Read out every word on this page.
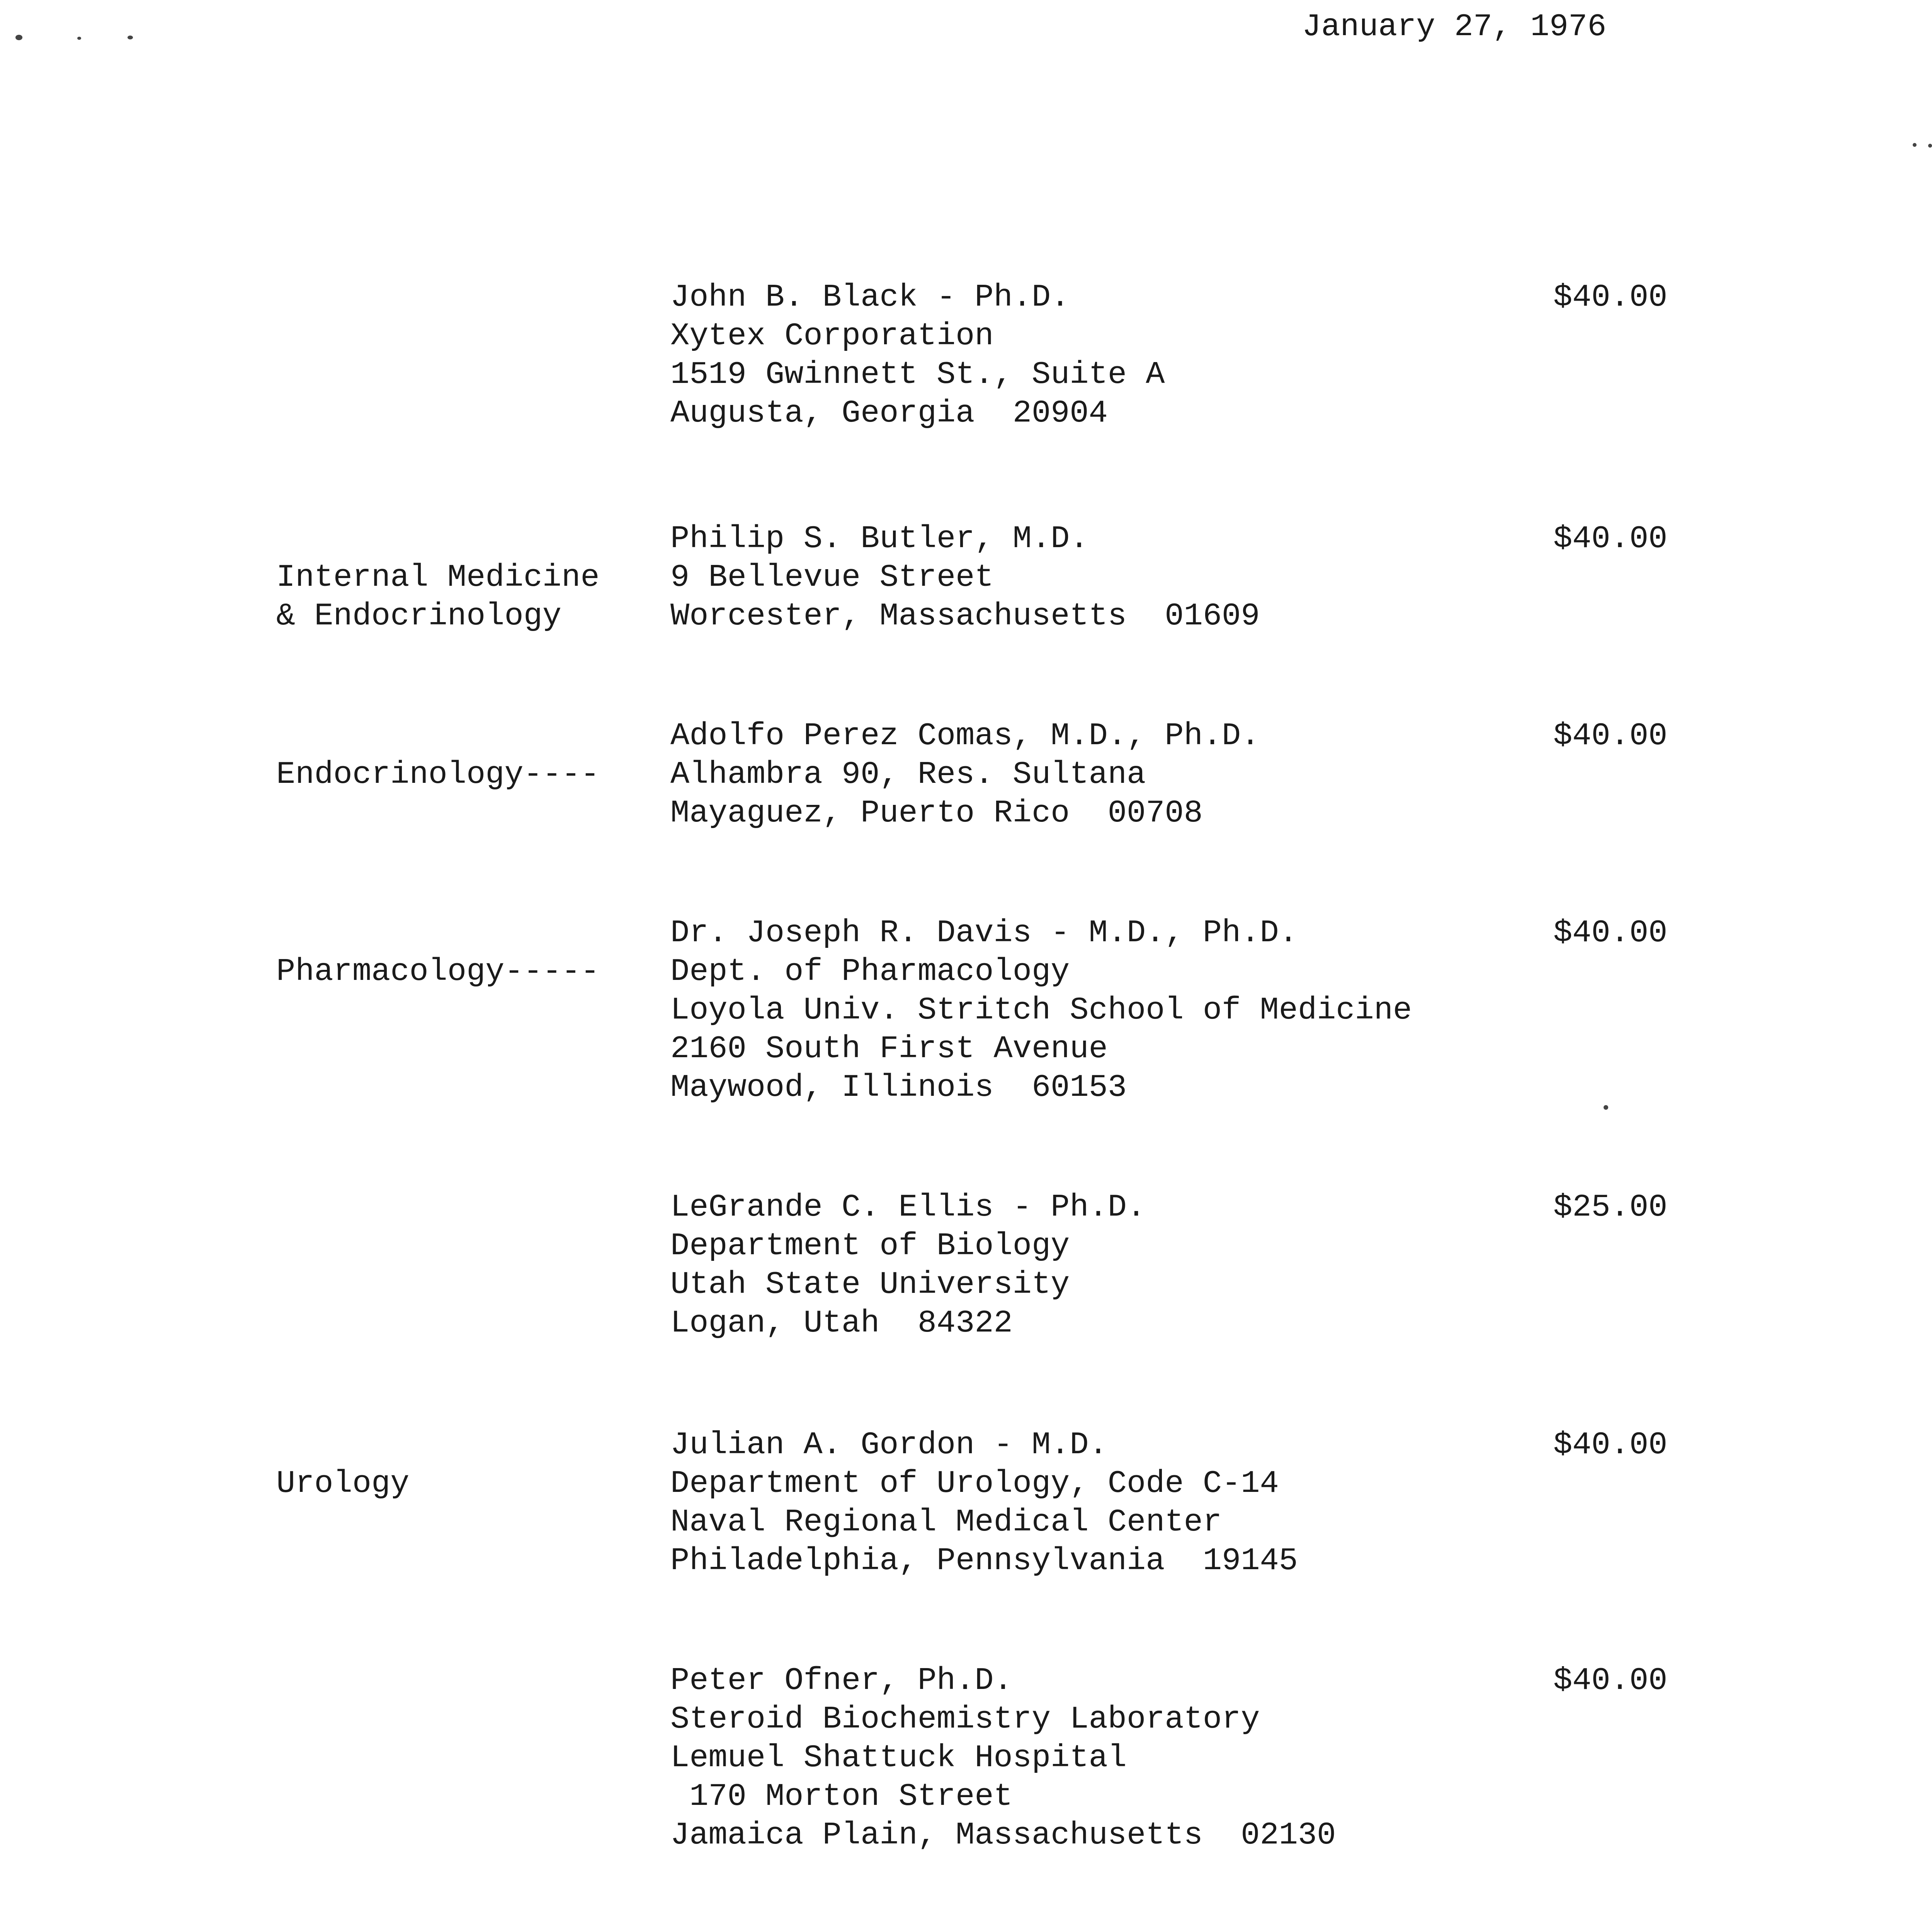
January 27, 1976
John B. Black - Ph.D.
Xytex Corporation
1519 Gwinnett St., Suite A
Augusta, Georgia  20904
$40.00
Internal Medicine
& Endocrinology
Philip S. Butler, M.D.
9 Bellevue Street
Worcester, Massachusetts  01609
$40.00
Endocrinology----
Adolfo Perez Comas, M.D., Ph.D.
Alhambra 90, Res. Sultana
Mayaguez, Puerto Rico  00708
$40.00
Pharmacology-----
Dr. Joseph R. Davis - M.D., Ph.D.
Dept. of Pharmacology
Loyola Univ. Stritch School of Medicine
2160 South First Avenue
Maywood, Illinois  60153
$40.00
LeGrande C. Ellis - Ph.D.
Department of Biology
Utah State University
Logan, Utah  84322
$25.00
Urology
Julian A. Gordon - M.D.
Department of Urology, Code C-14
Naval Regional Medical Center
Philadelphia, Pennsylvania  19145
$40.00
Peter Ofner, Ph.D.
Steroid Biochemistry Laboratory
Lemuel Shattuck Hospital
170 Morton Street
Jamaica Plain, Massachusetts  02130
$40.00
